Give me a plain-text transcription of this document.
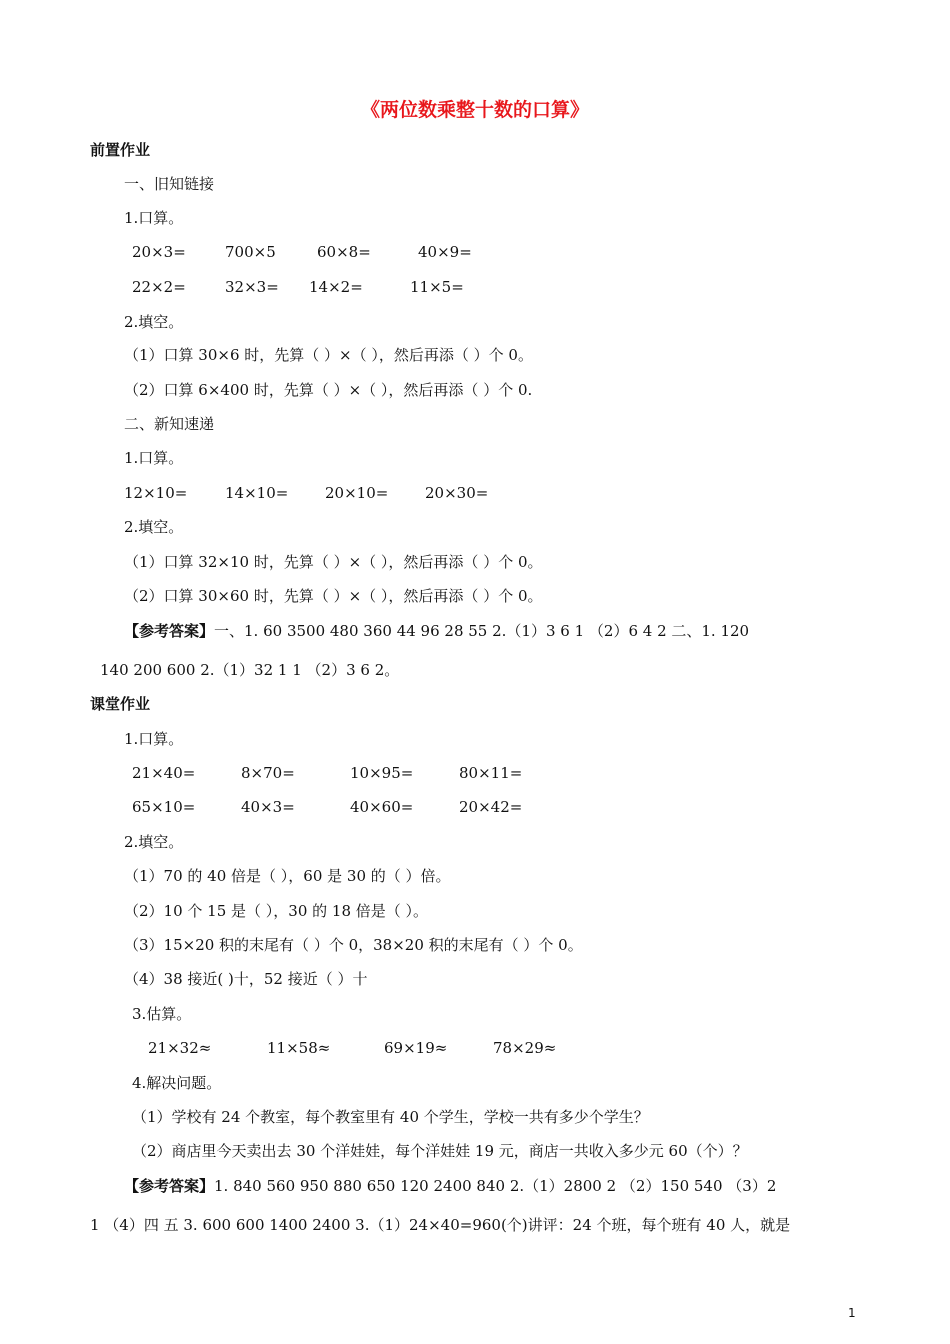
《两位数乘整十数的口算》
前置作业
一、旧知链接
1.口算。
20×3=	700×5	60×8=	40×9=
22×2=	32×3= 14×2=	11×5=
2.填空。
（1）口算 30×6 时，先算（ ）×（ ），然后再添（ ）个 0。
（2）口算 6×400 时，先算（ ）×（ ），然后再添（ ）个 0.
二、新知速递
1.口算。
12×10=	14×10= 20×10= 20×30=
2.填空。
（1）口算 32×10 时，先算（ ）×（ ），然后再添（ ）个 0。
（2）口算 30×60 时，先算（ ）×（ ），然后再添（ ）个 0。
【参考答案】一、1. 60 3500 480 360 44 96 28 55 2.（1）3 6 1 （2）6 4 2 二、1. 120
140 200 600 2.（1）32 1 1 （2）3 6 2。
课堂作业
1.口算。
21×40=	8×70=	10×95=	80×11=
65×10=	40×3=	40×60=	20×42=
2.填空。
（1）70 的 40 倍是（ ），60 是 30 的（ ）倍。
（2）10 个 15 是（ ），30 的 18 倍是（ ）。
（3）15×20 积的末尾有（ ）个 0，38×20 积的末尾有（ ）个 0。
（4）38 接近( )十，52 接近（ ）十
3.估算。
21×32≈	11×58≈	69×19≈	78×29≈
4.解决问题。
（1）学校有 24 个教室，每个教室里有 40 个学生，学校一共有多少个学生？
（2）商店里今天卖出去 30 个洋娃娃，每个洋娃娃 19 元，商店一共收入多少元 60（个）？
【参考答案】1. 840 560 950 880 650 120 2400 840 2.（1）2800 2 （2）150 540 （3）2
1 （4）四 五 3. 600 600 1400 2400 3.（1）24×40=960(个)讲评：24 个班，每个班有 40 人，就是
1
